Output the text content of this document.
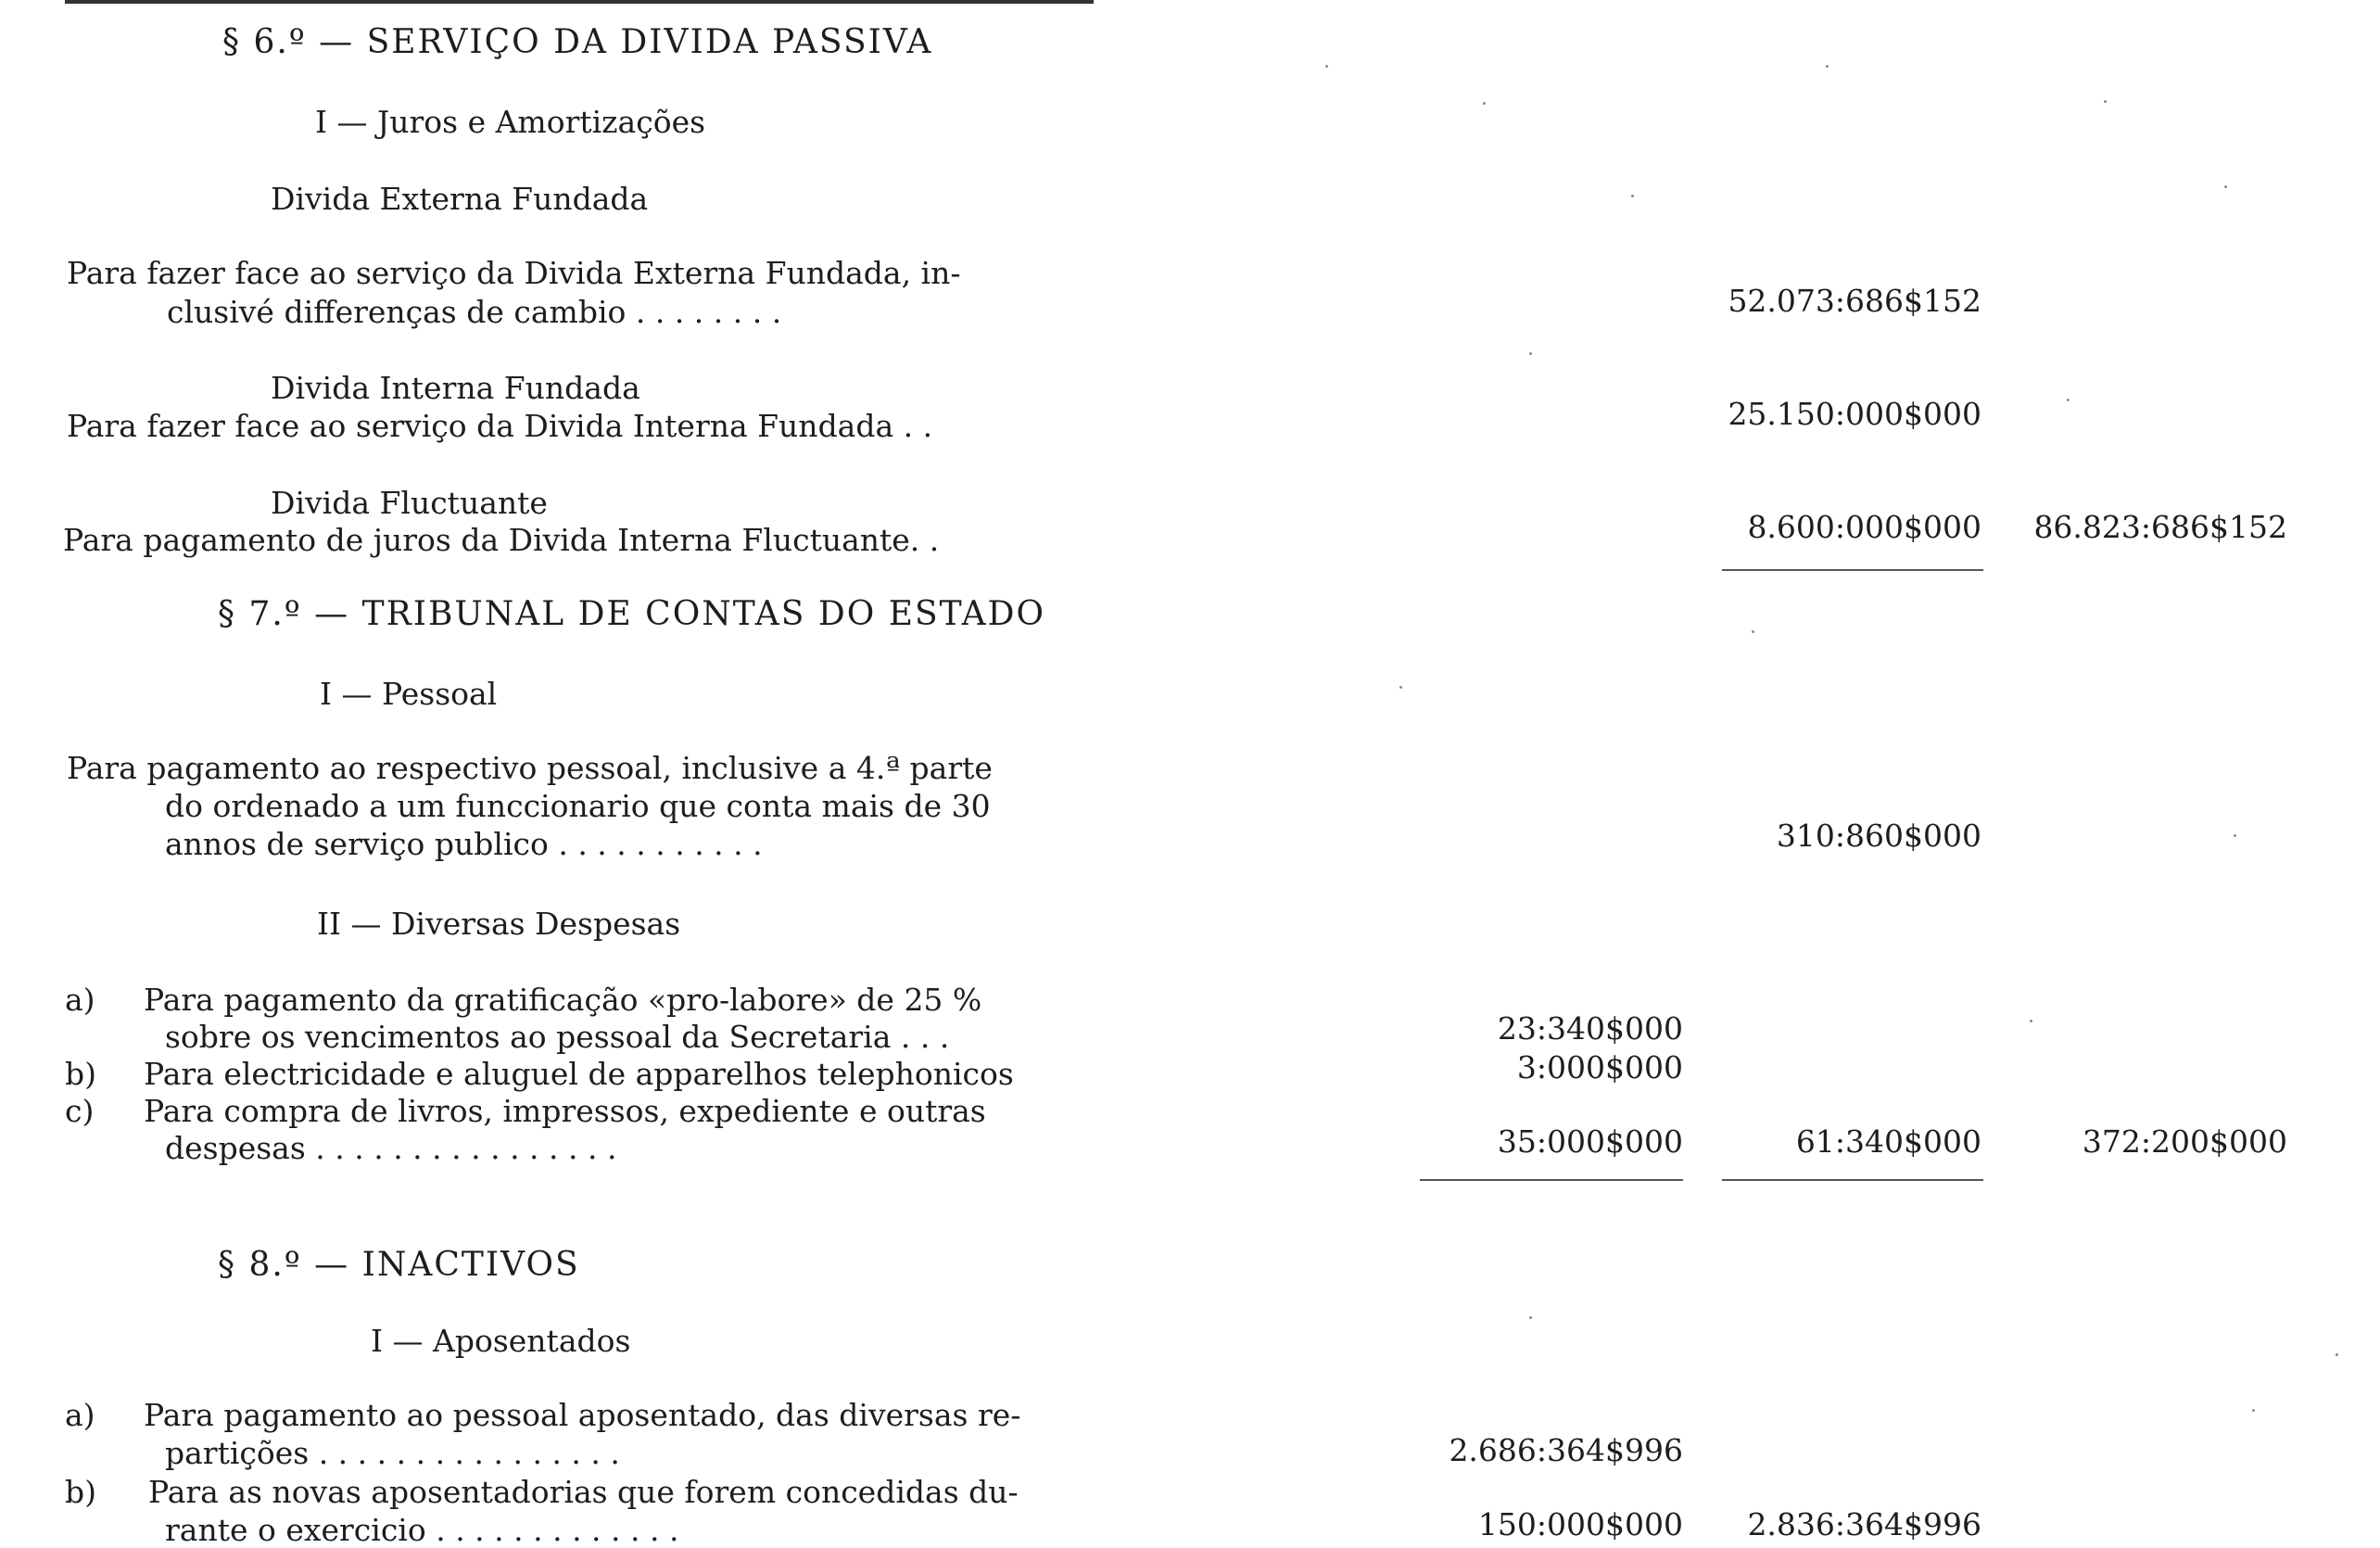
§ 6.º — SERVIÇO DA DIVIDA PASSIVA
I — Juros e Amortizações
Divida Externa Fundada
Para fazer face ao serviço da Divida Externa Fundada, in-
clusivé differenças de cambio . . . . . . . .	52.073:686$152
Divida Interna Fundada
Para fazer face ao serviço da Divida Interna Fundada . .	25.150:000$000
Divida Fluctuante
Para pagamento de juros da Divida Interna Fluctuante. .	8.600:000$000 86.823:686$152
§ 7.º — TRIBUNAL DE CONTAS DO ESTADO
I — Pessoal
Para pagamento ao respectivo pessoal, inclusive a 4.ª parte
do ordenado a um funccionario que conta mais de 30
annos de serviço publico . . . . . . . . . . .	310:860$000
II — Diversas Despesas
a) Para pagamento da gratificação «pro-labore» de 25 %
sobre os vencimentos ao pessoal da Secretaria . . .	23:340$000
b) Para electricidade e aluguel de apparelhos telephonicos	3:000$000
c) Para compra de livros, impressos, expediente e outras
despesas . . . . . . . . . . . . . . . .	35:000$000	61:340$000	372:200$000
§ 8.º — INACTIVOS
I — Aposentados
a) Para pagamento ao pessoal aposentado, das diversas re-
partições . . . . . . . . . . . . . . . .	2.686:364$996
b) Para as novas aposentadorias que forem concedidas du-
rante o exercicio . . . . . . . . . . . . .	150:000$000 2.836:364$996
